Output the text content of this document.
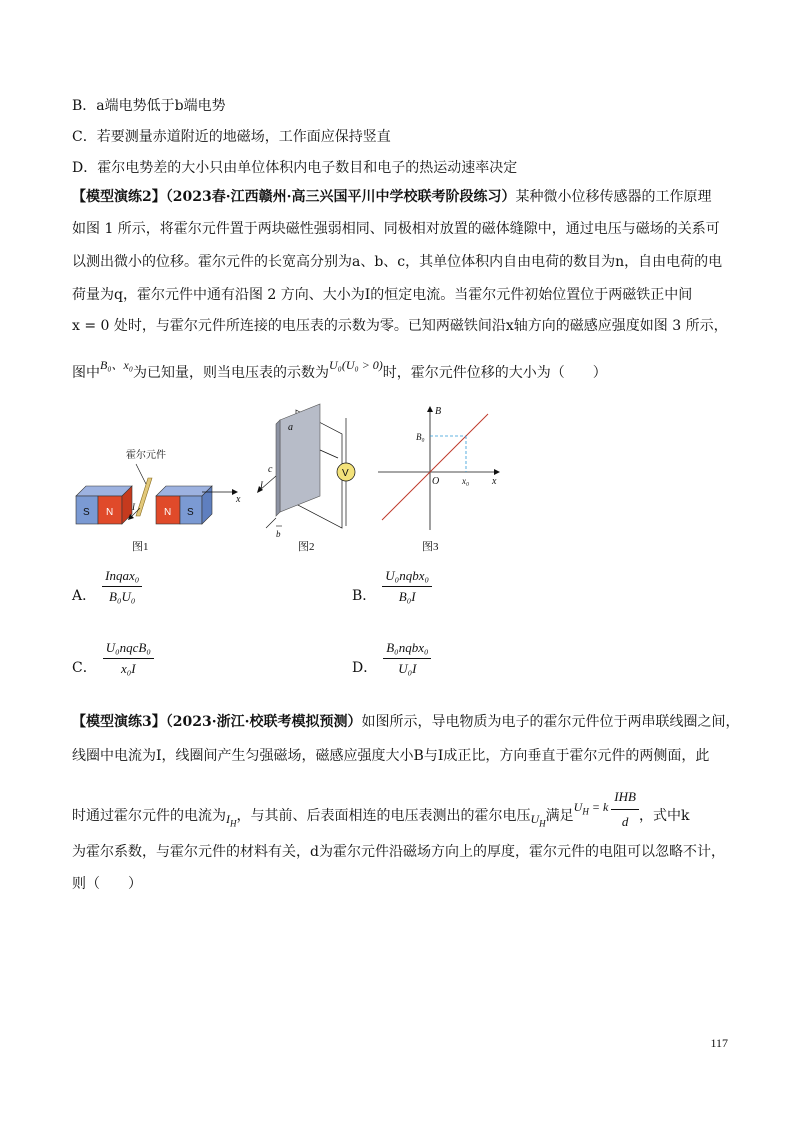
B．a端电势低于b端电势
C．若要测量赤道附近的地磁场，工作面应保持竖直
D．霍尔电势差的大小只由单位体积内电子数目和电子的热运动速率决定
【模型演练2】（2023春·江西赣州·高三兴国平川中学校联考阶段练习）某种微小位移传感器的工作原理
如图 1 所示，将霍尔元件置于两块磁性强弱相同、同极相对放置的磁体缝隙中，通过电压与磁场的关系可
以测出微小的位移。霍尔元件的长宽高分别为a、b、c，其单位体积内自由电荷的数目为n，自由电荷的电
荷量为q，霍尔元件中通有沿图 2 方向、大小为I的恒定电流。当霍尔元件初始位置位于两磁铁正中间
x = 0 处时，与霍尔元件所连接的电压表的示数为零。已知两磁铁间沿x轴方向的磁感应强度如图 3 所示，
图中B₀、x₀为已知量，则当电压表的示数为U₀(U₀ > 0)时，霍尔元件位移的大小为（　　）
霍尔元件
S N	N S
x
I
图1
a
c
I
b
V
图2
B
B₀
O	x₀ x
图3
A． $\frac{\text{Inqax₀}}{\text{B₀U₀}}$	B． $\frac{\text{U₀nqbx₀}}{\text{B₀I}}$
C． $\frac{\text{U₀nqcB₀}}{\text{x₀I}}$	D． $\frac{\text{B₀nqbx₀}}{\text{U₀I}}$
【模型演练3】（2023·浙江·校联考模拟预测）如图所示，导电物质为电子的霍尔元件位于两串联线圈之间，
线圈中电流为I，线圈间产生匀强磁场，磁感应强度大小B与I成正比，方向垂直于霍尔元件的两侧面，此
时通过霍尔元件的电流为 $I_H$
，与其前、后表面相连的电压表测出的霍尔电压 $U_H$
满足
$U_H = k \frac{\text{IHB}}{d}$ ，式中k
为霍尔系数，与霍尔元件的材料有关，d为霍尔元件沿磁场方向上的厚度，霍尔元件的电阻可以忽略不计，
则（　　）
117
